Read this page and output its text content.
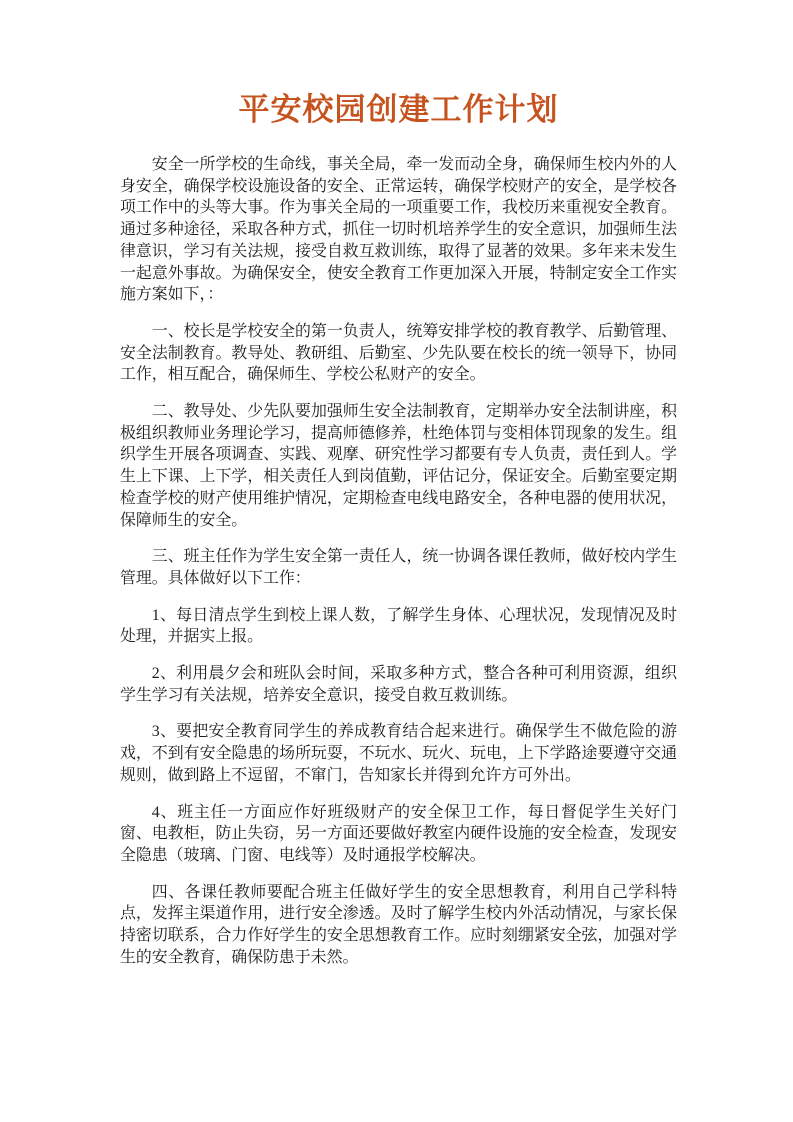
平安校园创建工作计划

安全一所学校的生命线，事关全局，牵一发而动全身，确保师生校内外的人身安全，确保学校设施设备的安全、正常运转，确保学校财产的安全，是学校各项工作中的头等大事。作为事关全局的一项重要工作，我校历来重视安全教育。通过多种途径，采取各种方式，抓住一切时机培养学生的安全意识，加强师生法律意识，学习有关法规，接受自救互救训练，取得了显著的效果。多年来未发生一起意外事故。为确保安全，使安全教育工作更加深入开展，特制定安全工作实施方案如下，：

一、校长是学校安全的第一负责人，统筹安排学校的教育教学、后勤管理、安全法制教育。教导处、教研组、后勤室、少先队要在校长的统一领导下，协同工作，相互配合，确保师生、学校公私财产的安全。

二、教导处、少先队要加强师生安全法制教育，定期举办安全法制讲座，积极组织教师业务理论学习，提高师德修养，杜绝体罚与变相体罚现象的发生。组织学生开展各项调查、实践、观摩、研究性学习都要有专人负责，责任到人。学生上下课、上下学，相关责任人到岗值勤，评估记分，保证安全。后勤室要定期检查学校的财产使用维护情况，定期检查电线电路安全，各种电器的使用状况，保障师生的安全。

三、班主任作为学生安全第一责任人，统一协调各课任教师，做好校内学生管理。具体做好以下工作：

1、每日清点学生到校上课人数，了解学生身体、心理状况，发现情况及时处理，并据实上报。

2、利用晨夕会和班队会时间，采取多种方式，整合各种可利用资源，组织学生学习有关法规，培养安全意识，接受自救互救训练。

3、要把安全教育同学生的养成教育结合起来进行。确保学生不做危险的游戏，不到有安全隐患的场所玩耍，不玩水、玩火、玩电，上下学路途要遵守交通规则，做到路上不逗留，不窜门，告知家长并得到允许方可外出。

4、班主任一方面应作好班级财产的安全保卫工作，每日督促学生关好门窗、电教柜，防止失窃，另一方面还要做好教室内硬件设施的安全检查，发现安全隐患（玻璃、门窗、电线等）及时通报学校解决。

四、各课任教师要配合班主任做好学生的安全思想教育，利用自己学科特点，发挥主渠道作用，进行安全渗透。及时了解学生校内外活动情况，与家长保持密切联系，合力作好学生的安全思想教育工作。应时刻绷紧安全弦，加强对学生的安全教育，确保防患于未然。
